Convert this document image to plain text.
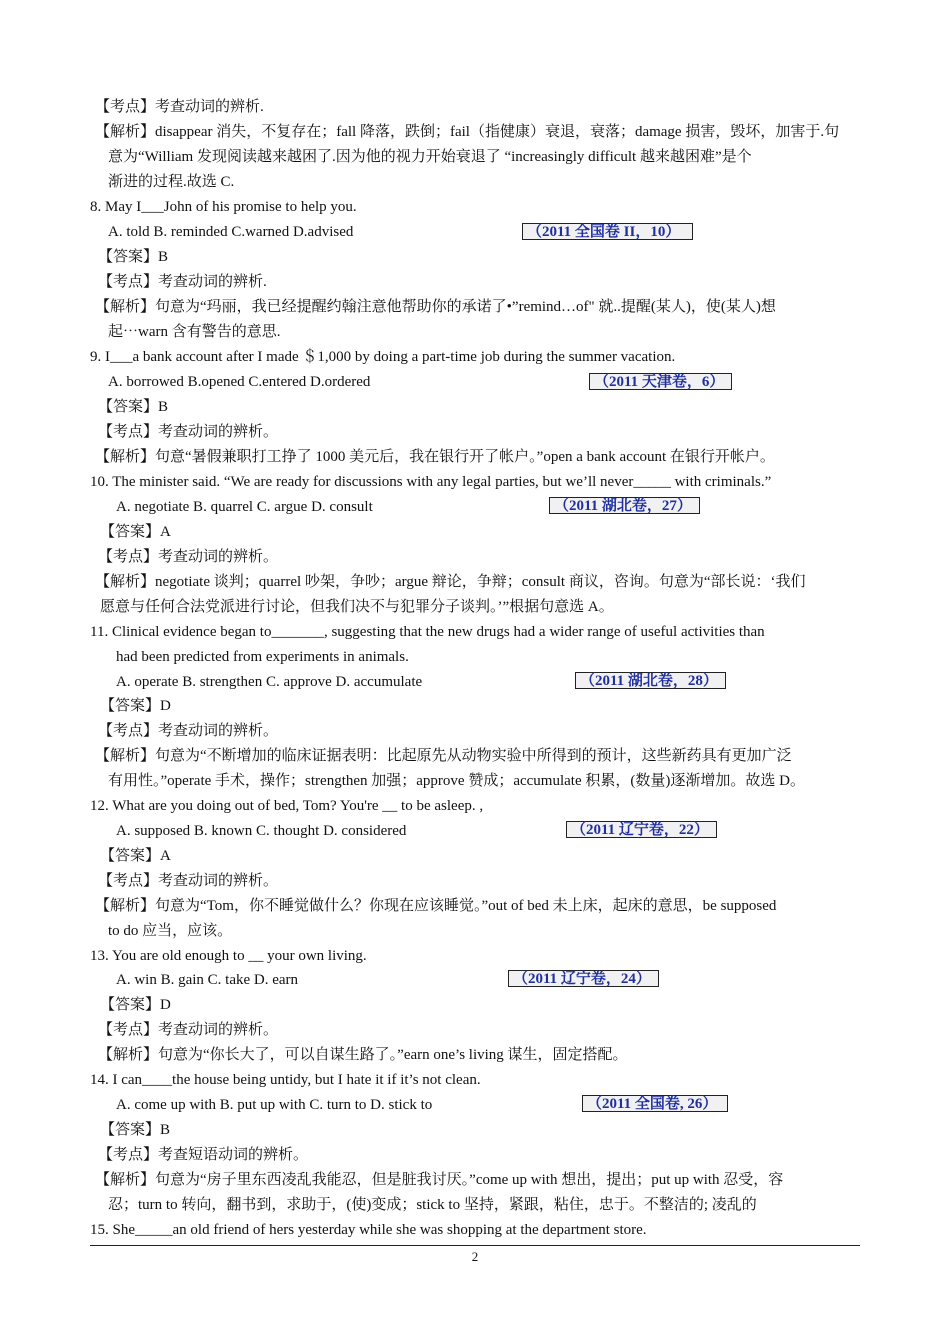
【考点】考查动词的辨析.
【解析】disappear 消失，不复存在；fall 降落，跌倒；fail（指健康）衰退，衰落；damage 损害，毁坏，加害于.句
意为“William 发现阅读越来越困了.因为他的视力开始衰退了 “increasingly difficult 越来越困难”是个
渐进的过程.故选 C.
8. May I___John of his promise to help you.
A. told B. reminded C.warned D.advised	（2011 全国卷 II，10）
【答案】B
【考点】考查动词的辨析.
【解析】句意为“玛丽，我已经提醒约翰注意他帮助你的承诺了•”remind…of" 就..提醒(某人)，使(某人)想
起⋯warn 含有警告的意思.
9. I___a bank account after I made ＄1,000 by doing a part-time job during the summer vacation.
A. borrowed B.opened C.entered D.ordered	（2011 天津卷，6）
【答案】B
【考点】考查动词的辨析。
【解析】句意“暑假兼职打工挣了 1000 美元后，我在银行开了帐户。”open a bank account 在银行开帐户。
10. The minister said. “We are ready for discussions with any legal parties, but we’ll never_____ with criminals.”
A. negotiate B. quarrel C. argue D. consult	（2011 湖北卷，27）
【答案】A
【考点】考查动词的辨析。
【解析】negotiate 谈判；quarrel 吵架，争吵；argue 辩论，争辩；consult 商议，咨询。句意为“部长说：‘我们
愿意与任何合法党派进行讨论，但我们决不与犯罪分子谈判。’”根据句意选 A。
11. Clinical evidence began to_______, suggesting that the new drugs had a wider range of useful activities than
had been predicted from experiments in animals.
A. operate B. strengthen C. approve D. accumulate	（2011 湖北卷，28）
【答案】D
【考点】考查动词的辨析。
【解析】句意为“不断增加的临床证据表明：比起原先从动物实验中所得到的预计，这些新药具有更加广泛
有用性。”operate 手术，操作；strengthen 加强；approve 赞成；accumulate 积累，(数量)逐渐增加。故选 D。
12. What are you doing out of bed, Tom? You're __ to be asleep. ,
A. supposed B. known C. thought D. considered	（2011 辽宁卷，22）
【答案】A
【考点】考查动词的辨析。
【解析】句意为“Tom，你不睡觉做什么？你现在应该睡觉。”out of bed 未上床，起床的意思，be supposed
to do 应当，应该。
13. You are old enough to __ your own living.
A. win B. gain C. take D. earn	（2011 辽宁卷，24）
【答案】D
【考点】考查动词的辨析。
【解析】句意为“你长大了，可以自谋生路了。”earn one’s living 谋生，固定搭配。
14. I can____the house being untidy, but I hate it if it’s not clean.
A. come up with B. put up with C. turn to D. stick to	（2011 全国卷, 26）
【答案】B
【考点】考查短语动词的辨析。
【解析】句意为“房子里东西凌乱我能忍，但是脏我讨厌。”come up with 想出，提出；put up with 忍受，容
忍；turn to 转向，翻书到，求助于，(使)变成；stick to 坚持，紧跟，粘住，忠于。不整洁的; 凌乱的
15. She_____an old friend of hers yesterday while she was shopping at the department store.
2
